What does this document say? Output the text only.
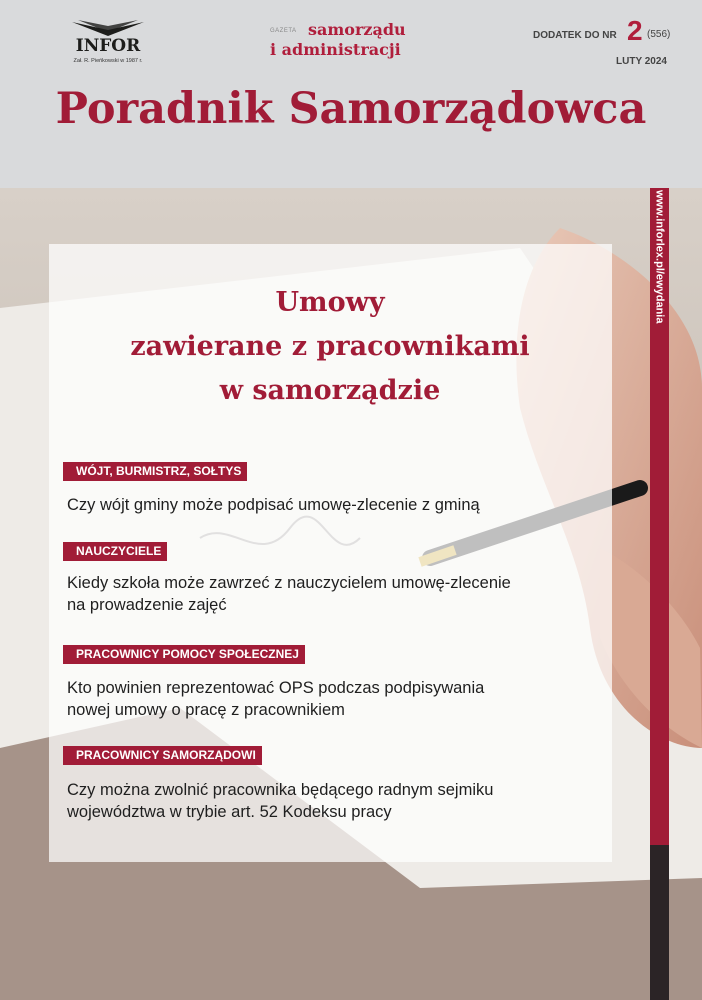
INFOR
Zał. R. Pieńkowski w 1987 r.
GAZETA samorządu
i administracji
DODATEK DO NR 2 (556)
LUTY 2024
Poradnik Samorządowca
www.inforlex.pl/ewydania
Umowy
zawierane z pracownikami
w samorządzie
WÓJT, BURMISTRZ, SOŁTYS
Czy wójt gminy może podpisać umowę-zlecenie z gminą
NAUCZYCIELE
Kiedy szkoła może zawrzeć z nauczycielem umowę-zlecenie
na prowadzenie zajęć
PRACOWNICY POMOCY SPOŁECZNEJ
Kto powinien reprezentować OPS podczas podpisywania
nowej umowy o pracę z pracownikiem
PRACOWNICY SAMORZĄDOWI
Czy można zwolnić pracownika będącego radnym sejmiku
województwa w trybie art. 52 Kodeksu pracy
